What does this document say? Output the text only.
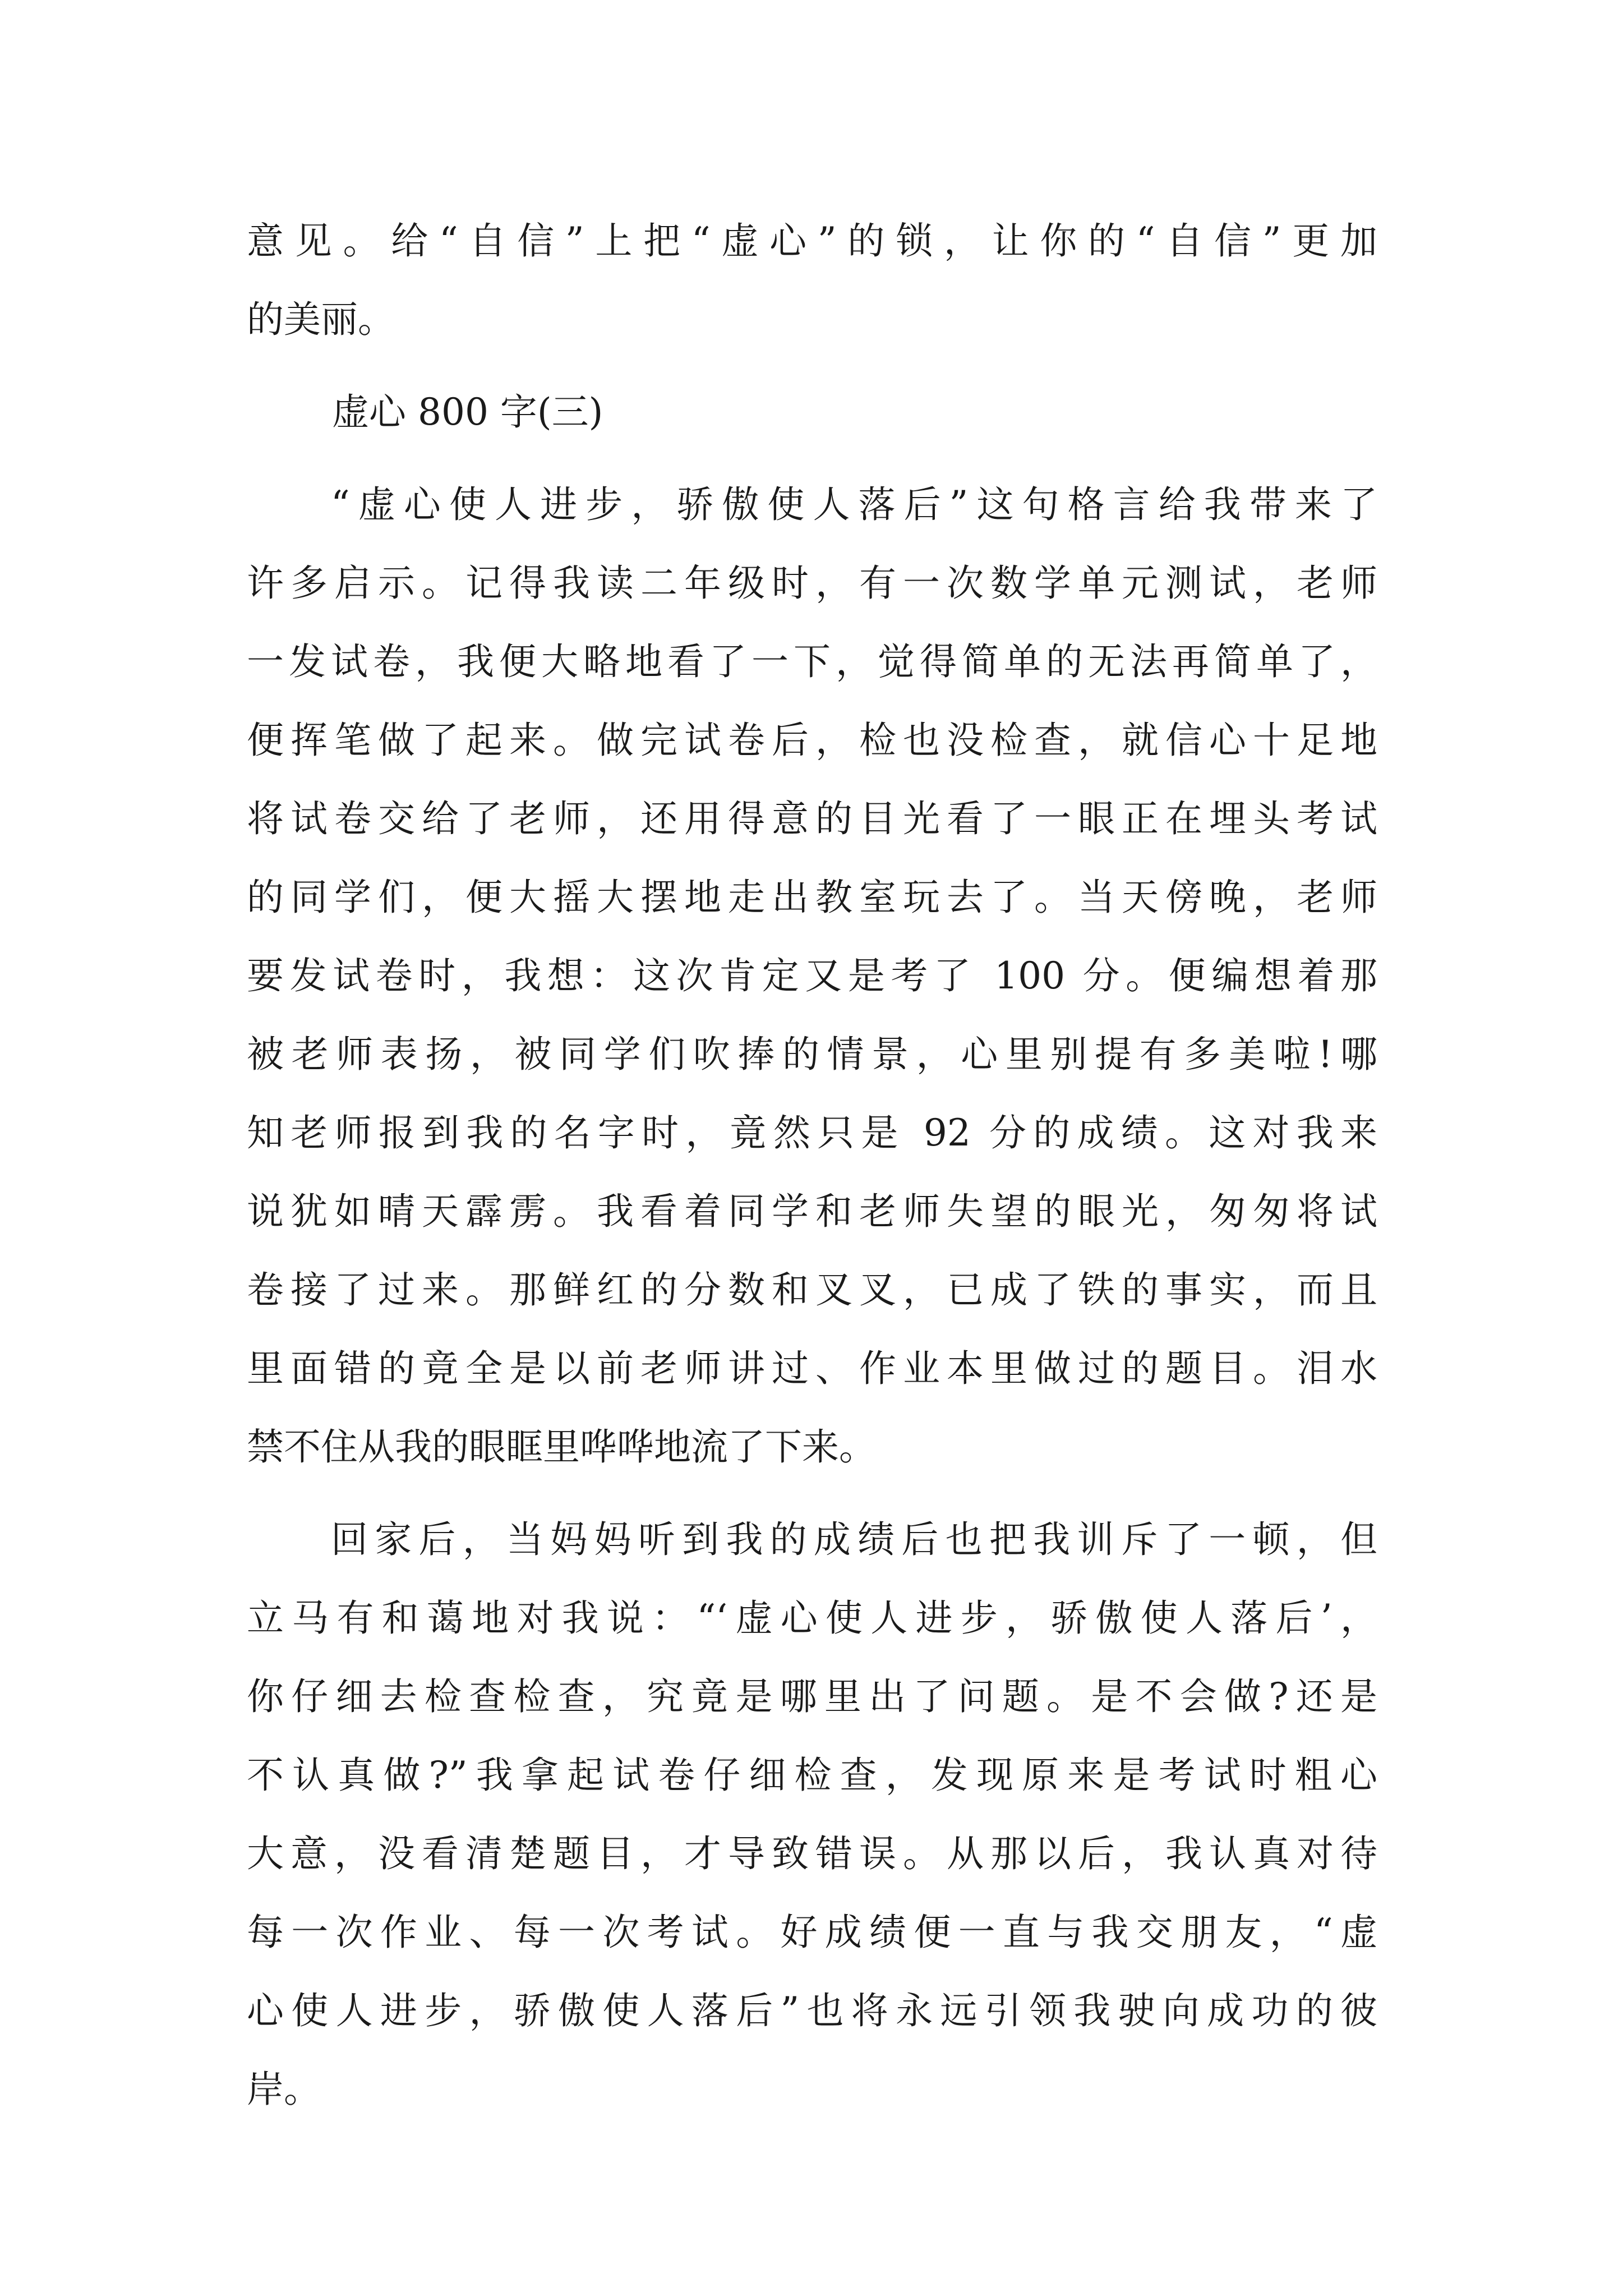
意见。给“自信”上把“虚心”的锁，让你的“自信”更加
的美丽。
虚心 800 字(三)
“虚心使人进步，骄傲使人落后”这句格言给我带来了
许多启示。记得我读二年级时，有一次数学单元测试，老师
一发试卷，我便大略地看了一下，觉得简单的无法再简单了，
便挥笔做了起来。做完试卷后，检也没检查，就信心十足地
将试卷交给了老师，还用得意的目光看了一眼正在埋头考试
的同学们，便大摇大摆地走出教室玩去了。当天傍晚，老师
要发试卷时，我想：这次肯定又是考了 100 分。便编想着那
被老师表扬，被同学们吹捧的情景，心里别提有多美啦!哪
知老师报到我的名字时，竟然只是 92 分的成绩。这对我来
说犹如晴天霹雳。我看着同学和老师失望的眼光，匆匆将试
卷接了过来。那鲜红的分数和叉叉，已成了铁的事实，而且
里面错的竟全是以前老师讲过、作业本里做过的题目。泪水
禁不住从我的眼眶里哗哗地流了下来。
回家后，当妈妈听到我的成绩后也把我训斥了一顿，但
立马有和蔼地对我说：“‘虚心使人进步，骄傲使人落后’，
你仔细去检查检查，究竟是哪里出了问题。是不会做?还是
不认真做?”我拿起试卷仔细检查，发现原来是考试时粗心
大意，没看清楚题目，才导致错误。从那以后，我认真对待
每一次作业、每一次考试。好成绩便一直与我交朋友，“虚
心使人进步，骄傲使人落后”也将永远引领我驶向成功的彼
岸。
